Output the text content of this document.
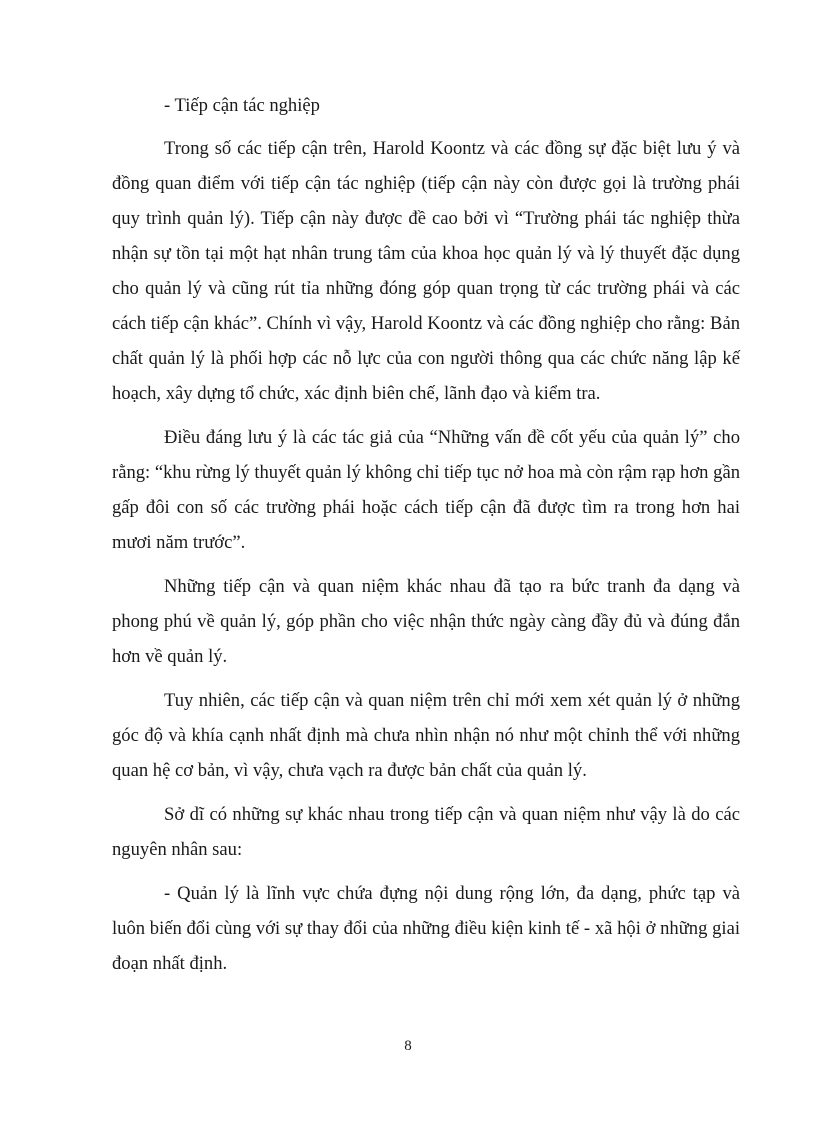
- Tiếp cận tác nghiệp

Trong số các tiếp cận trên, Harold Koontz và các đồng sự đặc biệt lưu ý và đồng quan điểm với tiếp cận tác nghiệp (tiếp cận này còn được gọi là trường phái quy trình quản lý). Tiếp cận này được đề cao bởi vì “Trường phái tác nghiệp thừa nhận sự tồn tại một hạt nhân trung tâm của khoa học quản lý và lý thuyết đặc dụng cho quản lý và cũng rút tỉa những đóng góp quan trọng từ các trường phái và các cách tiếp cận khác”. Chính vì vậy, Harold Koontz và các đồng nghiệp cho rằng: Bản chất quản lý là phối hợp các nỗ lực của con người thông qua các chức năng lập kế hoạch, xây dựng tổ chức, xác định biên chế, lãnh đạo và kiểm tra.

Điều đáng lưu ý là các tác giả của “Những vấn đề cốt yếu của quản lý” cho rằng: “khu rừng lý thuyết quản lý không chỉ tiếp tục nở hoa mà còn rậm rạp hơn gần gấp đôi con số các trường phái hoặc cách tiếp cận đã được tìm ra trong hơn hai mươi năm trước”.

Những tiếp cận và quan niệm khác nhau đã tạo ra bức tranh đa dạng và phong phú về quản lý, góp phần cho việc nhận thức ngày càng đầy đủ và đúng đắn hơn về quản lý.

Tuy nhiên, các tiếp cận và quan niệm trên chỉ mới xem xét quản lý ở những góc độ và khía cạnh nhất định mà chưa nhìn nhận nó như một chỉnh thể với những quan hệ cơ bản, vì vậy, chưa vạch ra được bản chất của quản lý.

Sở dĩ có những sự khác nhau trong tiếp cận và quan niệm như vậy là do các nguyên nhân sau:

- Quản lý là lĩnh vực chứa đựng nội dung rộng lớn, đa dạng, phức tạp và luôn biến đổi cùng với sự thay đổi của những điều kiện kinh tế - xã hội ở những giai đoạn nhất định.

8
